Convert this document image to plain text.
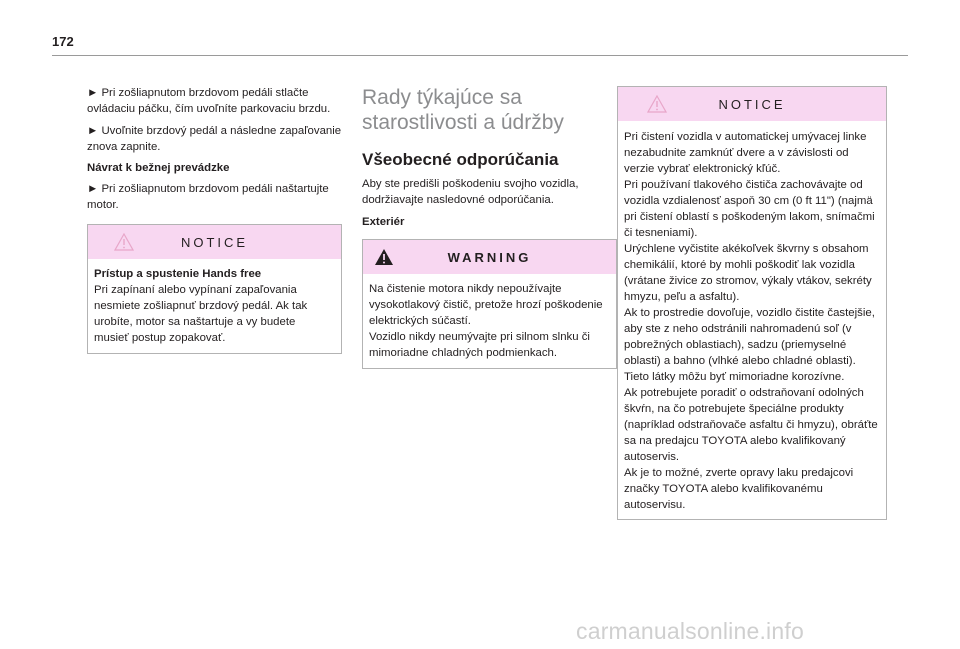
172

► Pri zošliapnutom brzdovom pedáli stlačte ovládaciu páčku, čím uvoľníte parkovaciu brzdu.

► Uvoľnite brzdový pedál a následne zapaľovanie znova zapnite.

Návrat k bežnej prevádzke

► Pri zošliapnutom brzdovom pedáli naštartujte motor.

NOTICE

Prístup a spustenie Hands free

Pri zapínaní alebo vypínaní zapaľovania nesmiete zošliapnuť brzdový pedál. Ak tak urobíte, motor sa naštartuje a vy budete musieť postup zopakovať.

Rady týkajúce sa starostlivosti a údržby
Všeobecné odporúčania

Aby ste predišli poškodeniu svojho vozidla, dodržiavajte nasledovné odporúčania.

Exteriér

WARNING

Na čistenie motora nikdy nepoužívajte vysokotlakový čistič, pretože hrozí poškodenie elektrických súčastí.

Vozidlo nikdy neumývajte pri silnom slnku či mimoriadne chladných podmienkach.

NOTICE

Pri čistení vozidla v automatickej umývacej linke nezabudnite zamknúť dvere a v závislosti od verzie vybrať elektronický kľúč.

Pri používaní tlakového čističa zachovávajte od vozidla vzdialenosť aspoň 30 cm (0 ft 11") (najmä pri čistení oblastí s poškodeným lakom, snímačmi či tesneniami).

Urýchlene vyčistite akékoľvek škvrny s obsahom chemikálií, ktoré by mohli poškodiť lak vozidla (vrátane živice zo stromov, výkaly vtákov, sekréty hmyzu, peľu a asfaltu).

Ak to prostredie dovoľuje, vozidlo čistite častejšie, aby ste z neho odstránili nahromadenú soľ (v pobrežných oblastiach), sadzu (priemyselné oblasti) a bahno (vlhké alebo chladné oblasti). Tieto látky môžu byť mimoriadne korozívne.

Ak potrebujete poradiť o odstraňovaní odolných škvŕn, na čo potrebujete špeciálne produkty (napríklad odstraňovače asfaltu či hmyzu), obráťte sa na predajcu TOYOTA alebo kvalifikovaný autoservis.

Ak je to možné, zverte opravy laku predajcovi značky TOYOTA alebo kvalifikovanému autoservisu.

carmanualsonline.info
